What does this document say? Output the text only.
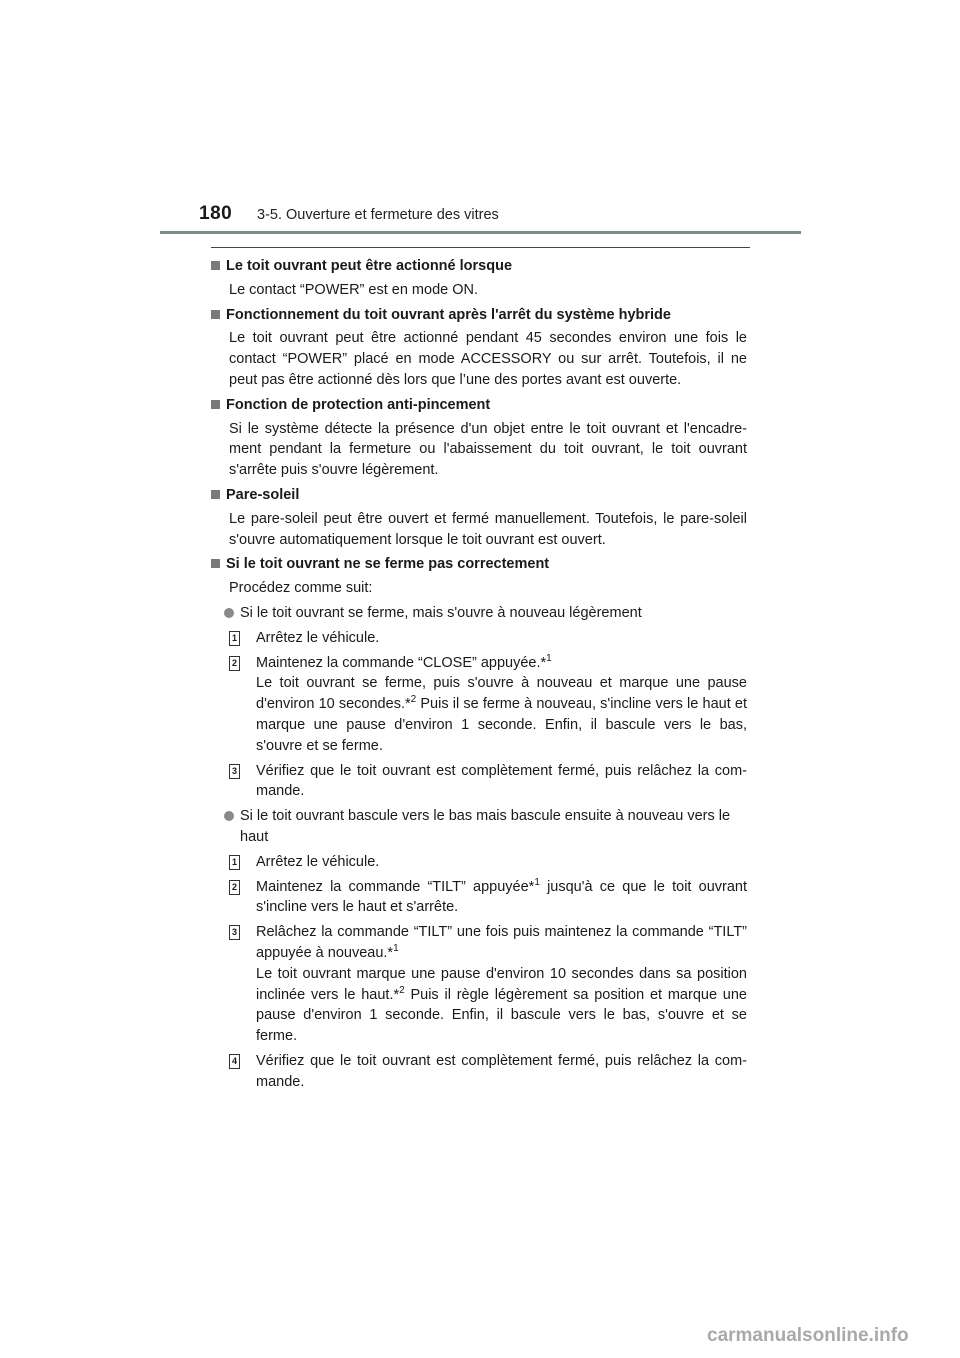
180 3-5. Ouverture et fermeture des vitres
Le toit ouvrant peut être actionné lorsque
Le contact “POWER” est en mode ON.
Fonctionnement du toit ouvrant après l'arrêt du système hybride
Le toit ouvrant peut être actionné pendant 45 secondes environ une fois le contact “POWER” placé en mode ACCESSORY ou sur arrêt. Toutefois, il ne peut pas être actionné dès lors que l’une des portes avant est ouverte.
Fonction de protection anti-pincement
Si le système détecte la présence d'un objet entre le toit ouvrant et l'encadre-ment pendant la fermeture ou l'abaissement du toit ouvrant, le toit ouvrant s'arrête puis s'ouvre légèrement.
Pare-soleil
Le pare-soleil peut être ouvert et fermé manuellement. Toutefois, le pare-soleil s'ouvre automatiquement lorsque le toit ouvrant est ouvert.
Si le toit ouvrant ne se ferme pas correctement
Procédez comme suit:
Si le toit ouvrant se ferme, mais s'ouvre à nouveau légèrement
1 Arrêtez le véhicule.
2 Maintenez la commande “CLOSE” appuyée.*$^1$
Le toit ouvrant se ferme, puis s'ouvre à nouveau et marque une pause d'environ 10 secondes.*$^2$ Puis il se ferme à nouveau, s'incline vers le haut et marque une pause d'environ 1 seconde. Enfin, il bascule vers le bas, s'ouvre et se ferme.
3 Vérifiez que le toit ouvrant est complètement fermé, puis relâchez la com-mande.
Si le toit ouvrant bascule vers le bas mais bascule ensuite à nouveau vers le haut
1 Arrêtez le véhicule.
2 Maintenez la commande “TILT” appuyée*$^1$ jusqu'à ce que le toit ouvrant s'incline vers le haut et s'arrête.
3 Relâchez la commande “TILT” une fois puis maintenez la commande “TILT” appuyée à nouveau.*$^1$
Le toit ouvrant marque une pause d'environ 10 secondes dans sa position inclinée vers le haut.*$^2$ Puis il règle légèrement sa position et marque une pause d'environ 1 seconde. Enfin, il bascule vers le bas, s'ouvre et se ferme.
4 Vérifiez que le toit ouvrant est complètement fermé, puis relâchez la com-mande.
carmanualsonline.info
